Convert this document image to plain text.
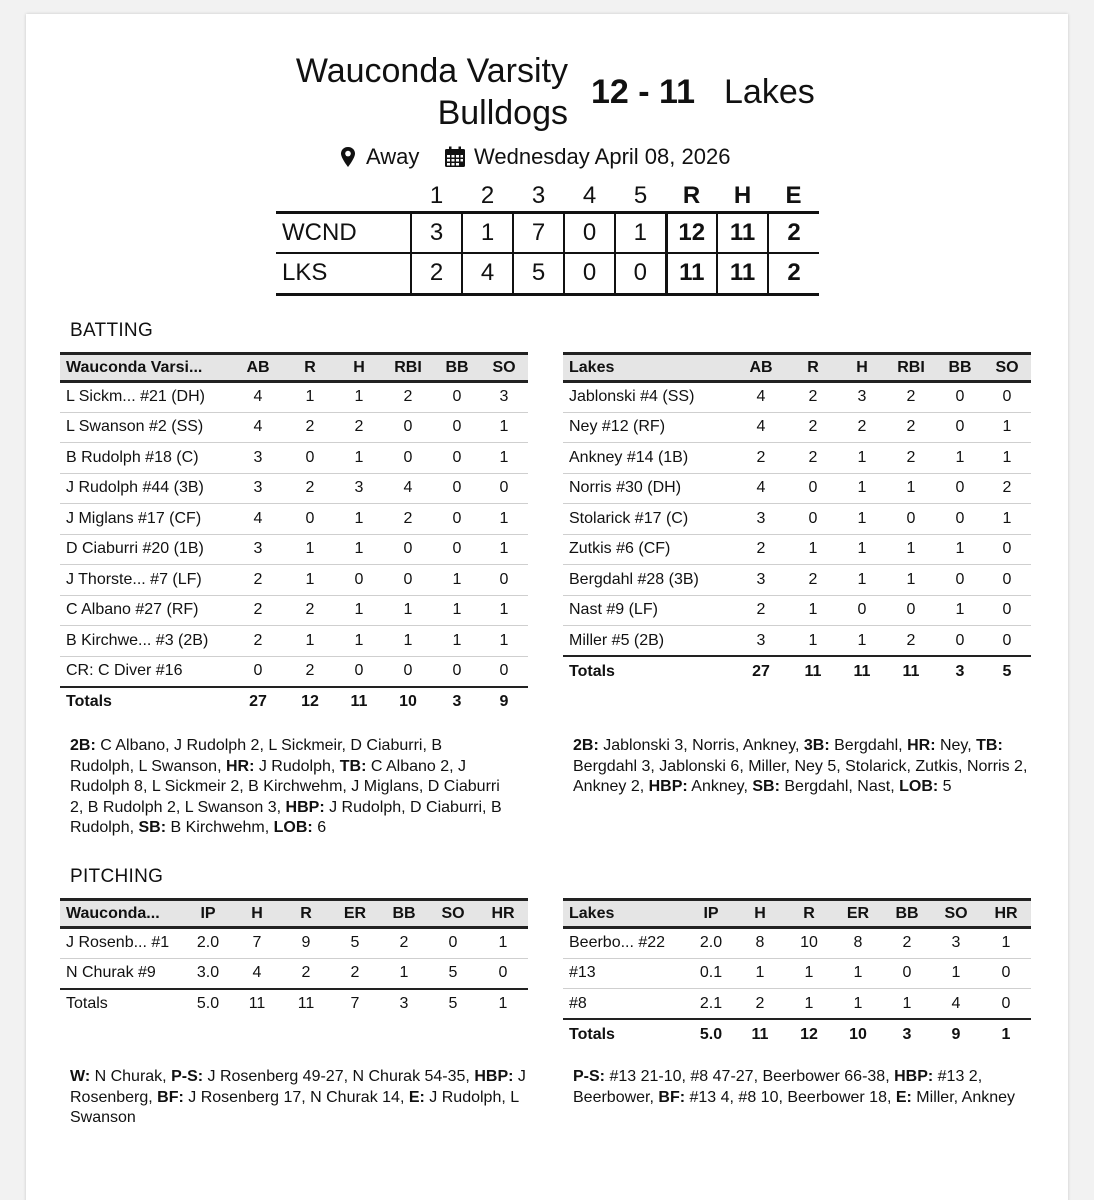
Wauconda Varsity
Bulldogs
12 - 11 Lakes
Away Wednesday April 08, 2026
	1	2	3	4	5	R	H	E
WCND	3	1	7	0	1	12	11	2
LKS	2	4	5	0	0	11	11	2
BATTING
Wauconda Varsi...	AB	R	H	RBI	BB	SO
L Sickm... #21 (DH)	4	1	1	2	0	3
L Swanson #2 (SS)	4	2	2	0	0	1
B Rudolph #18 (C)	3	0	1	0	0	1
J Rudolph #44 (3B)	3	2	3	4	0	0
J Miglans #17 (CF)	4	0	1	2	0	1
D Ciaburri #20 (1B)	3	1	1	0	0	1
J Thorste... #7 (LF)	2	1	0	0	1	0
C Albano #27 (RF)	2	2	1	1	1	1
B Kirchwe... #3 (2B)	2	1	1	1	1	1
CR: C Diver #16	0	2	0	0	0	0
Totals	27	12	11	10	3	9
Lakes	AB	R	H	RBI	BB	SO
Jablonski #4 (SS)	4	2	3	2	0	0
Ney #12 (RF)	4	2	2	2	0	1
Ankney #14 (1B)	2	2	1	2	1	1
Norris #30 (DH)	4	0	1	1	0	2
Stolarick #17 (C)	3	0	1	0	0	1
Zutkis #6 (CF)	2	1	1	1	1	0
Bergdahl #28 (3B)	3	2	1	1	0	0
Nast #9 (LF)	2	1	0	0	1	0
Miller #5 (2B)	3	1	1	2	0	0
Totals	27	11	11	11	3	5
2B: C Albano, J Rudolph 2, L Sickmeir, D Ciaburri, B Rudolph, L Swanson, HR: J Rudolph, TB: C Albano 2, J Rudolph 8, L Sickmeir 2, B Kirchwehm, J Miglans, D Ciaburri 2, B Rudolph 2, L Swanson 3, HBP: J Rudolph, D Ciaburri, B Rudolph, SB: B Kirchwehm, LOB: 6
2B: Jablonski 3, Norris, Ankney, 3B: Bergdahl, HR: Ney, TB: Bergdahl 3, Jablonski 6, Miller, Ney 5, Stolarick, Zutkis, Norris 2, Ankney 2, HBP: Ankney, SB: Bergdahl, Nast, LOB: 5
PITCHING
Wauconda...	IP	H	R	ER	BB	SO	HR
J Rosenb... #1	2.0	7	9	5	2	0	1
N Churak #9	3.0	4	2	2	1	5	0
Totals	5.0	11	11	7	3	5	1
Lakes	IP	H	R	ER	BB	SO	HR
Beerbo... #22	2.0	8	10	8	2	3	1
#13	0.1	1	1	1	0	1	0
#8	2.1	2	1	1	1	4	0
Totals	5.0	11	12	10	3	9	1
W: N Churak, P-S: J Rosenberg 49-27, N Churak 54-35, HBP: J Rosenberg, BF: J Rosenberg 17, N Churak 14, E: J Rudolph, L Swanson
P-S: #13 21-10, #8 47-27, Beerbower 66-38, HBP: #13 2, Beerbower, BF: #13 4, #8 10, Beerbower 18, E: Miller, Ankney
